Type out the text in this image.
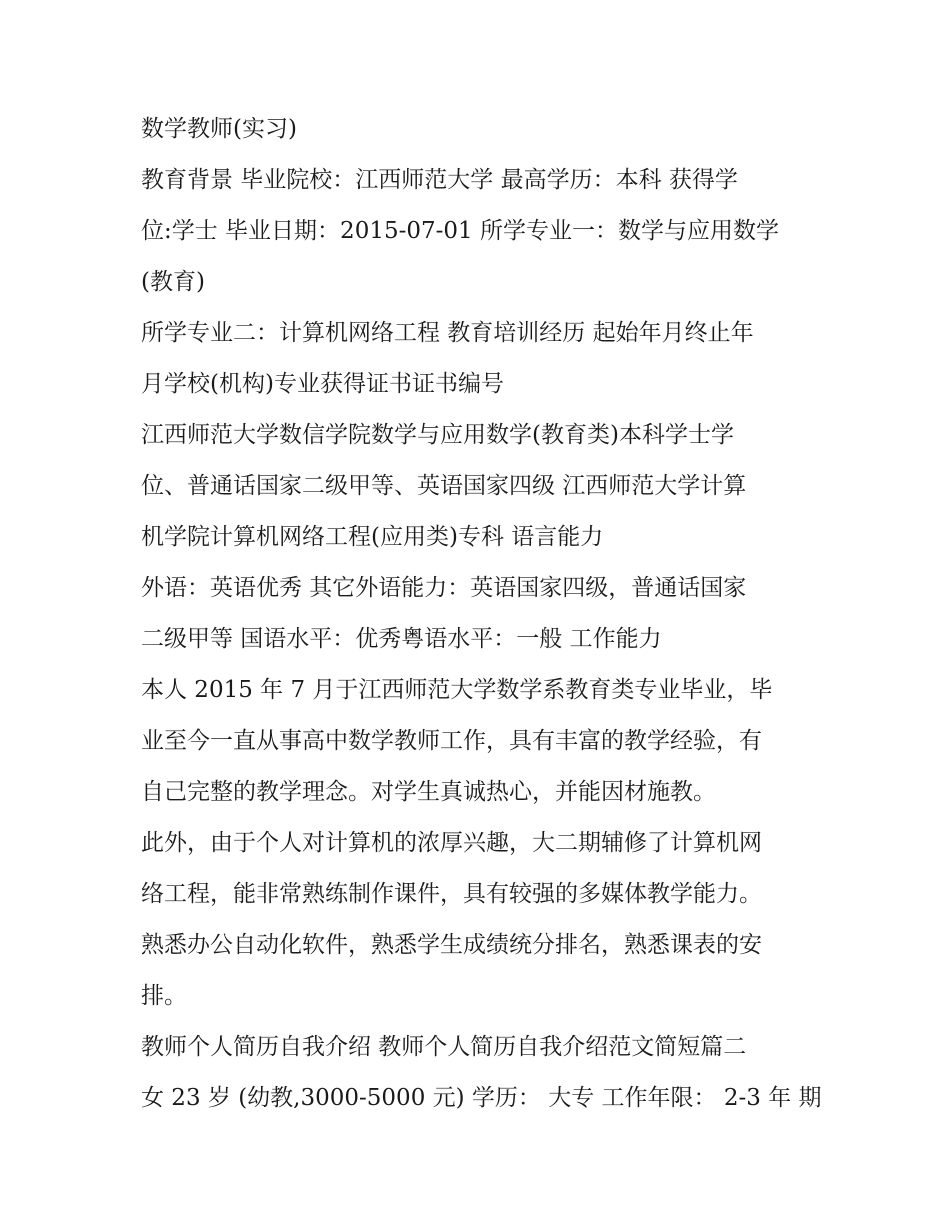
数学教师(实习)
教育背景 毕业院校：江西师范大学 最高学历：本科 获得学
位:学士 毕业日期：2015-07-01 所学专业一：数学与应用数学
(教育)
所学专业二：计算机网络工程 教育培训经历 起始年月终止年
月学校(机构)专业获得证书证书编号
江西师范大学数信学院数学与应用数学(教育类)本科学士学
位、普通话国家二级甲等、英语国家四级 江西师范大学计算
机学院计算机网络工程(应用类)专科 语言能力
外语：英语优秀 其它外语能力：英语国家四级，普通话国家
二级甲等 国语水平：优秀粤语水平：一般 工作能力
本人 2015 年 7 月于江西师范大学数学系教育类专业毕业，毕
业至今一直从事高中数学教师工作，具有丰富的教学经验，有
自己完整的教学理念。对学生真诚热心，并能因材施教。
此外，由于个人对计算机的浓厚兴趣，大二期辅修了计算机网
络工程，能非常熟练制作课件，具有较强的多媒体教学能力。
熟悉办公自动化软件，熟悉学生成绩统分排名，熟悉课表的安
排。
教师个人简历自我介绍 教师个人简历自我介绍范文简短篇二
女 23 岁 (幼教,3000-5000 元) 学历： 大专 工作年限： 2-3 年 期
